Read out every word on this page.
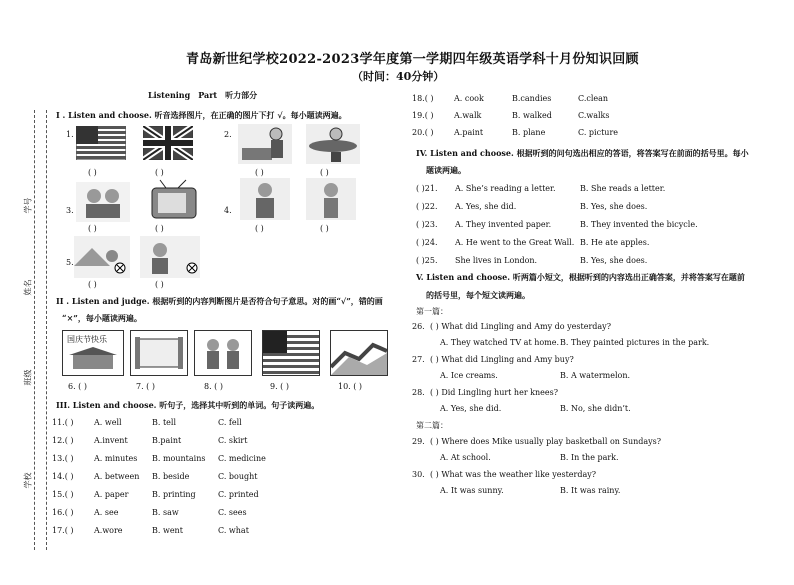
青岛新世纪学校2022-2023学年度第一学期四年级英语学科十月份知识回顾
（时间：40分钟）
学号
姓名
班级
学校
Listening　Part　听力部分
I . Listen and choose. 听音选择图片，在正确的图片下打 √。每小题读两遍。
1.
( )	( )
2.
( )	( )
3.
( )	( )
4.
( )	( )
5.
( )	( )
II . Listen and judge. 根据听到的内容判断图片是否符合句子意思。对的画“√”，错的画
“×”，每小题读两遍。
国庆节快乐
6. ( )	7. ( )	8. ( )	9. ( )	10. ( )
III. Listen and choose. 听句子，选择其中听到的单词。句子读两遍。
11.( )	A. well	B. tell	C. fell
12.( )	A.invent	B.paint	C. skirt
13.( )	A. minutes B. mountains C. medicine
14.( )	A. between B. beside	C. bought
15.( )	A. paper	B. printing	C. printed
16.( )	A. see	B. saw	C. sees
17.( )	A.wore	B. went	C. what
18.( )	A. cook	B.candies	C.clean
19.( )	A.walk	B. walked	C.walks
20.( )	A.paint	B. plane	C. picture
IV. Listen and choose. 根据听到的问句选出相应的答语，将答案写在前面的括号里。每小
题读两遍。
( )21. A. She’s reading a letter.	B. She reads a letter.
( )22. A. Yes, she did.	B. Yes, she does.
( )23. A. They invented paper.	B. They invented the bicycle.
( )24. A. He went to the Great Wall. B. He ate apples.
( )25. She lives in London.	B. Yes, she does.
V. Listen and choose. 听两篇小短文，根据听到的内容选出正确答案，并将答案写在题前
的括号里，每个短文读两遍。
第一篇：
第二篇：
26. ( ) What did Lingling and Amy do yesterday?
A. They watched TV at home. B. They painted pictures in the park.
27. ( ) What did Lingling and Amy buy?
A. Ice creams.	B. A watermelon.
28. ( ) Did Lingling hurt her knees?
A. Yes, she did.	B. No, she didn’t.
29. ( ) Where does Mike usually play basketball on Sundays?
A. At school.	B. In the park.
30. ( ) What was the weather like yesterday?
A. It was sunny.	B. It was rainy.
